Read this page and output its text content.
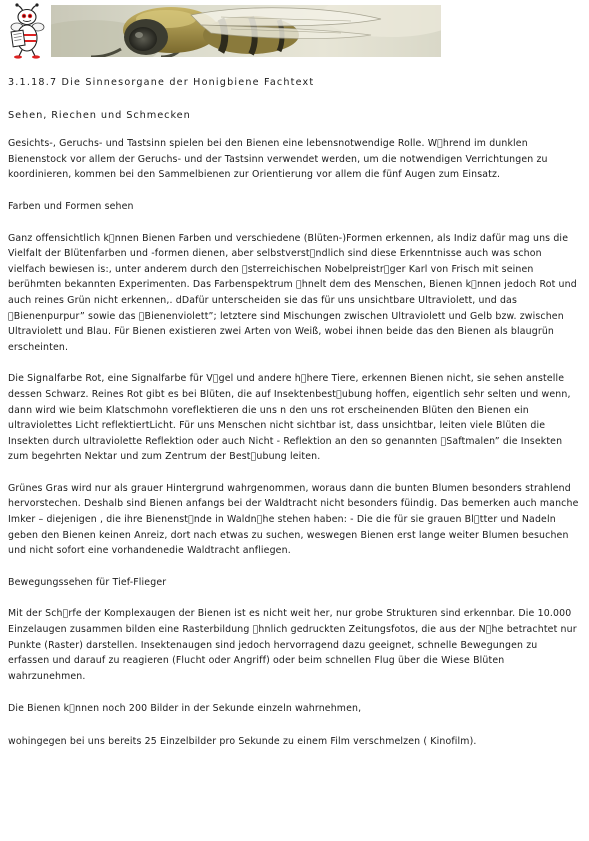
3.1.18.7 Die Sinnesorgane der Honigbiene Fachtext
Sehen, Riechen und Schmecken

Gesichts-, Geruchs- und Tastsinn spielen bei den Bienen eine lebensnotwendige Rolle. W hrend im dunklen Bienenstock vor allem der Geruchs- und der Tastsinn verwendet werden, um die notwendigen Verrichtungen zu koordinieren, kommen bei den Sammelbienen zur Orientierung vor allem die fünf Augen zum Einsatz.

Farben und Formen sehen

Ganz offensichtlich k nnen Bienen Farben und verschiedene (Blüten-)Formen erkennen, als Indiz dafür mag uns die Vielfalt der Blütenfarben und -formen dienen, aber selbstverst ndlich sind diese Erkenntnisse auch was schon vielfach bewiesen is:, unter anderem durch den  sterreichischen Nobelpreistr ger Karl von Frisch mit seinen berühmten bekannten Experimenten. Das Farbenspektrum  hnelt dem des Menschen, Bienen k nnen jedoch Rot und auch reines Grün nicht erkennen,. dDafür unterscheiden sie das für uns unsichtbare Ultraviolett, und das  Bienenpurpur” sowie das  Bienenviolett”; letztere sind Mischungen zwischen Ultraviolett und Gelb bzw. zwischen Ultraviolett und Blau. Für Bienen existieren zwei Arten von Weiß, wobei ihnen beide das den Bienen als blaugrün erscheinten.

Die Signalfarbe Rot, eine Signalfarbe für V gel und andere h here Tiere, erkennen Bienen nicht, sie sehen anstelle dessen Schwarz. Reines Rot gibt es bei Blüten, die auf Insektenbest ubung hoffen, eigentlich sehr selten und wenn, dann wird wie beim Klatschmohn voreflektieren die uns n den uns rot erscheinenden Blüten den Bienen ein ultraviolettes Licht reflektiertLicht. Für uns Menschen nicht sichtbar ist, dass unsichtbar, leiten viele Blüten die Insekten durch ultraviolette Reflektion oder auch Nicht - Reflektion an den so genannten  Saftmalen” die Insekten zum begehrten Nektar und zum Zentrum der Best ubung leiten.

Grünes Gras wird nur als grauer Hintergrund wahrgenommen, woraus dann die bunten Blumen besonders strahlend hervorstechen. Deshalb sind Bienen anfangs bei der Waldtracht nicht besonders füindig. Das bemerken auch manche Imker – diejenigen , die ihre Bienenst nde in Waldn he stehen haben: - Die die für sie grauen Bl tter und Nadeln geben den Bienen keinen Anreiz, dort nach etwas zu suchen, weswegen Bienen erst lange weiter Blumen besuchen und nicht sofort eine vorhandenedie Waldtracht anfliegen.

Bewegungssehen für Tief-Flieger

Mit der Sch rfe der Komplexaugen der Bienen ist es nicht weit her, nur grobe Strukturen sind erkennbar. Die 10.000 Einzelaugen zusammen bilden eine Rasterbildung  hnlich gedruckten Zeitungsfotos, die aus der N he betrachtet nur Punkte (Raster) darstellen. Insektenaugen sind jedoch hervorragend dazu geeignet, schnelle Bewegungen zu erfassen und darauf zu reagieren (Flucht oder Angriff) oder beim schnellen Flug über die Wiese Blüten wahrzunehmen.

Die Bienen k nnen noch 200 Bilder in der Sekunde einzeln wahrnehmen,

wohingegen bei uns bereits 25 Einzelbilder pro Sekunde zu einem Film verschmelzen ( Kinofilm).
